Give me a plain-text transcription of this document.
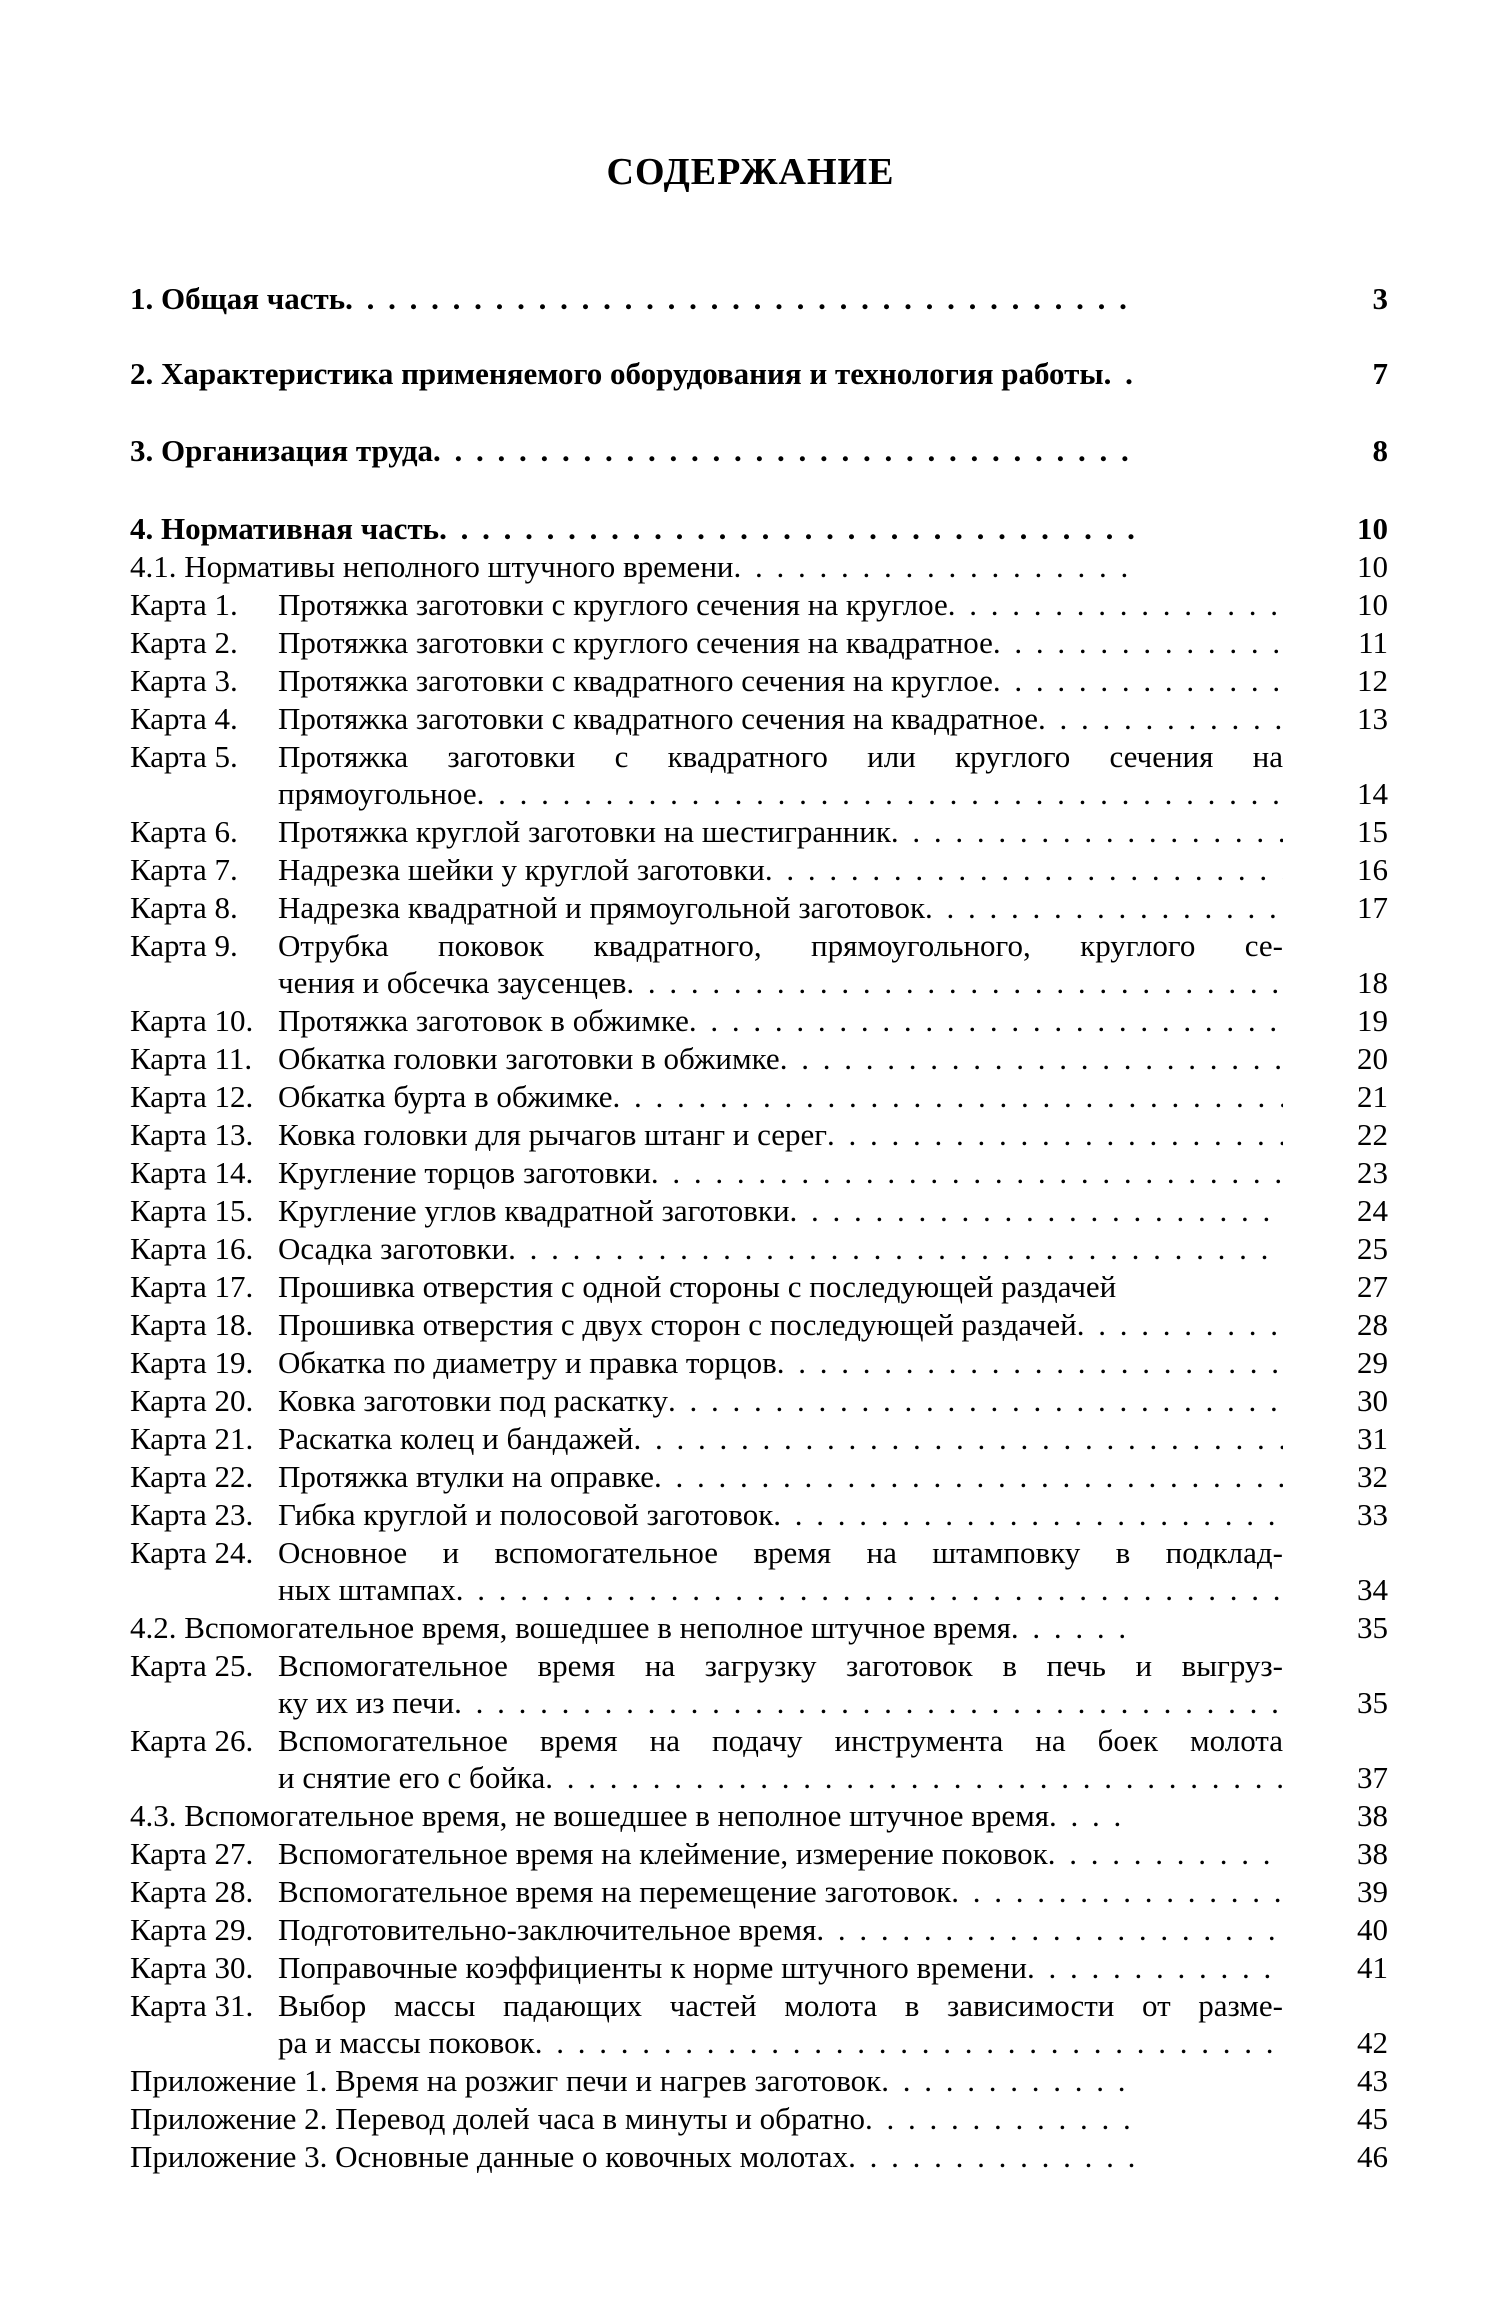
СОДЕРЖАНИЕ
1. Общая часть . . .	3
2. Характеристика применяемого оборудования и технология работы . . .	7
3. Организация труда . . .	8
4. Нормативная часть . . .	10
4.1. Нормативы неполного штучного времени . . .	10
Карта 1. Протяжка заготовки с круглого сечения на круглое . . .	10
Карта 2. Протяжка заготовки с круглого сечения на квадратное . . .	11
Карта 3. Протяжка заготовки с квадратного сечения на круглое . . .	12
Карта 4. Протяжка заготовки с квадратного сечения на квадратное . . .	13
Карта 5. Протяжка заготовки с квадратного или круглого сечения на
прямоугольное . . .	14
Карта 6. Протяжка круглой заготовки на шестигранник . . .	15
Карта 7. Надрезка шейки у круглой заготовки . . .	16
Карта 8. Надрезка квадратной и прямоугольной заготовок . . .	17
Карта 9. Отрубка поковок квадратного, прямоугольного, круглого се-
чения и обсечка заусенцев . . .	18
Карта 10. Протяжка заготовок в обжимке . . .	19
Карта 11. Обкатка головки заготовки в обжимке . . .	20
Карта 12. Обкатка бурта в обжимке . . .	21
Карта 13. Ковка головки для рычагов штанг и серег . . .	22
Карта 14. Кругление торцов заготовки . . .	23
Карта 15. Кругление углов квадратной заготовки . . .	24
Карта 16. Осадка заготовки . . .	25
Карта 17. Прошивка отверстия с одной стороны с последующей раздачей	27
Карта 18. Прошивка отверстия с двух сторон с последующей раздачей . . .	28
Карта 19. Обкатка по диаметру и правка торцов . . .	29
Карта 20. Ковка заготовки под раскатку . . .	30
Карта 21. Раскатка колец и бандажей . . .	31
Карта 22. Протяжка втулки на оправке . . .	32
Карта 23. Гибка круглой и полосовой заготовок . . .	33
Карта 24. Основное и вспомогательное время на штамповку в подклад-
ных штампах . . .	34
4.2. Вспомогательное время, вошедшее в неполное штучное время . . .	35
Карта 25. Вспомогательное время на загрузку заготовок в печь и выгруз-
ку их из печи . . .	35
Карта 26. Вспомогательное время на подачу инструмента на боек молота
и снятие его с бойка . . .	37
4.3. Вспомогательное время, не вошедшее в неполное штучное время . . .	38
Карта 27. Вспомогательное время на клеймение, измерение поковок . . .	38
Карта 28. Вспомогательное время на перемещение заготовок . . .	39
Карта 29. Подготовительно-заключительное время . . .	40
Карта 30. Поправочные коэффициенты к норме штучного времени . . .	41
Карта 31. Выбор массы падающих частей молота в зависимости от разме-
ра и массы поковок . . .	42
Приложение 1. Время на розжиг печи и нагрев заготовок . . .	43
Приложение 2. Перевод долей часа в минуты и обратно . . .	45
Приложение 3. Основные данные о ковочных молотах . . .	46
